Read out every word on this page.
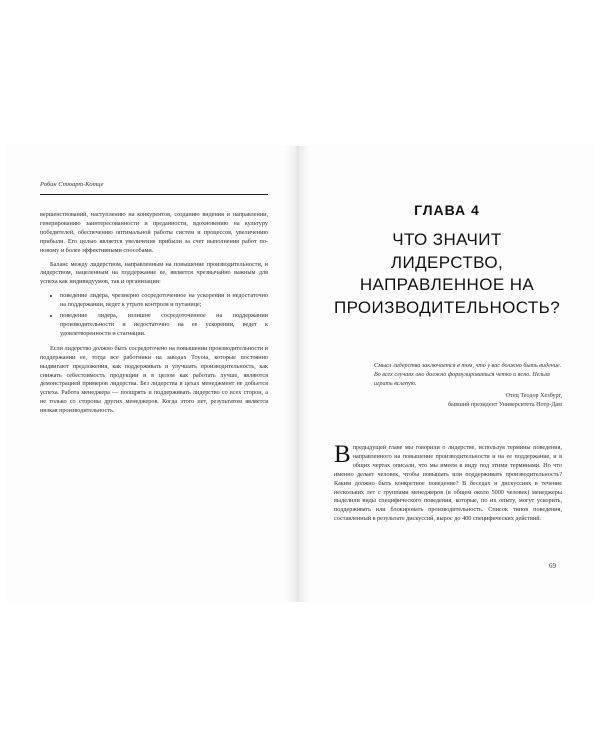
Робин Стюарт-Котце

вершенствований, наступлению на конкурентов, созданию видения и направлении, генерированию заинтересованности и преданности, вдохновению на культуру победителей, обеспечению оптимальной работы систем и процессов, увеличению прибыли. Его целью является увеличение прибыли за счет выполнения работ по-новому и более эффективными способами.

Баланс между лидерством, направленным на повышение производительности, и лидерством, нацеленным на поддержание ее, является чрезвычайно важным для успеха как индивидуумов, так и организации:

• поведение лидера, чрезмерно сосредоточенное на ускорении и недостаточно на поддержании, ведет к утрате контроля и путанице;
• поведение лидера, излишне сосредоточенное на поддержании производительности и недостаточно на ее ускорении, ведет к удовлетворенности и стагнации.

Если лидерство должно быть сосредоточено на повышении производительности и поддержании ее, тогда все работники на заводах Toyota, которые постоянно выдвигают предложения, как поддерживать и улучшать производительность, как снижать себестоимость продукции и в целом как работать лучше, являются демонстрацией примеров лидерства. Без лидерства в цехах менеджмент не добьется успеха. Работа менеджера — поощрять и поддерживать лидерство со всех сторон, а не только со стороны других менеджеров. Когда этого нет, результатом является низкая производительность.

ГЛАВА 4
ЧТО ЗНАЧИТ
ЛИДЕРСТВО,
НАПРАВЛЕННОЕ НА
ПРОИЗВОДИТЕЛЬНОСТЬ?

Смысл лидерства заключается в том, что у вас должно быть видение. Во всех случаях оно должно формулироваться четко и ясно. Нельзя играть вслепую.

Отец Теодор Хезбург,
бывший президент Университета Нотр-Дам
Впредыдущей главе мы говорили о лидерстве, используя термины поведения, направленного на повышение производительности и на ее поддержание, и в общих чертах описали, что мы имеем в виду под этими терминами. Но что именно делает человек, чтобы повышать или поддерживать производительность? Каким должно быть конкретное поведение? В беседах и дискуссиях в течение нескольких лет с группами менеджеров (в общем около 5000 человек) менеджеры выделили виды специфического поведения, которые, по их опыту, могут ускорить, поддерживать или блокировать производительность. Список типов поведения, составленный в результате дискуссий, вырос до 400 специфических действий.
69
